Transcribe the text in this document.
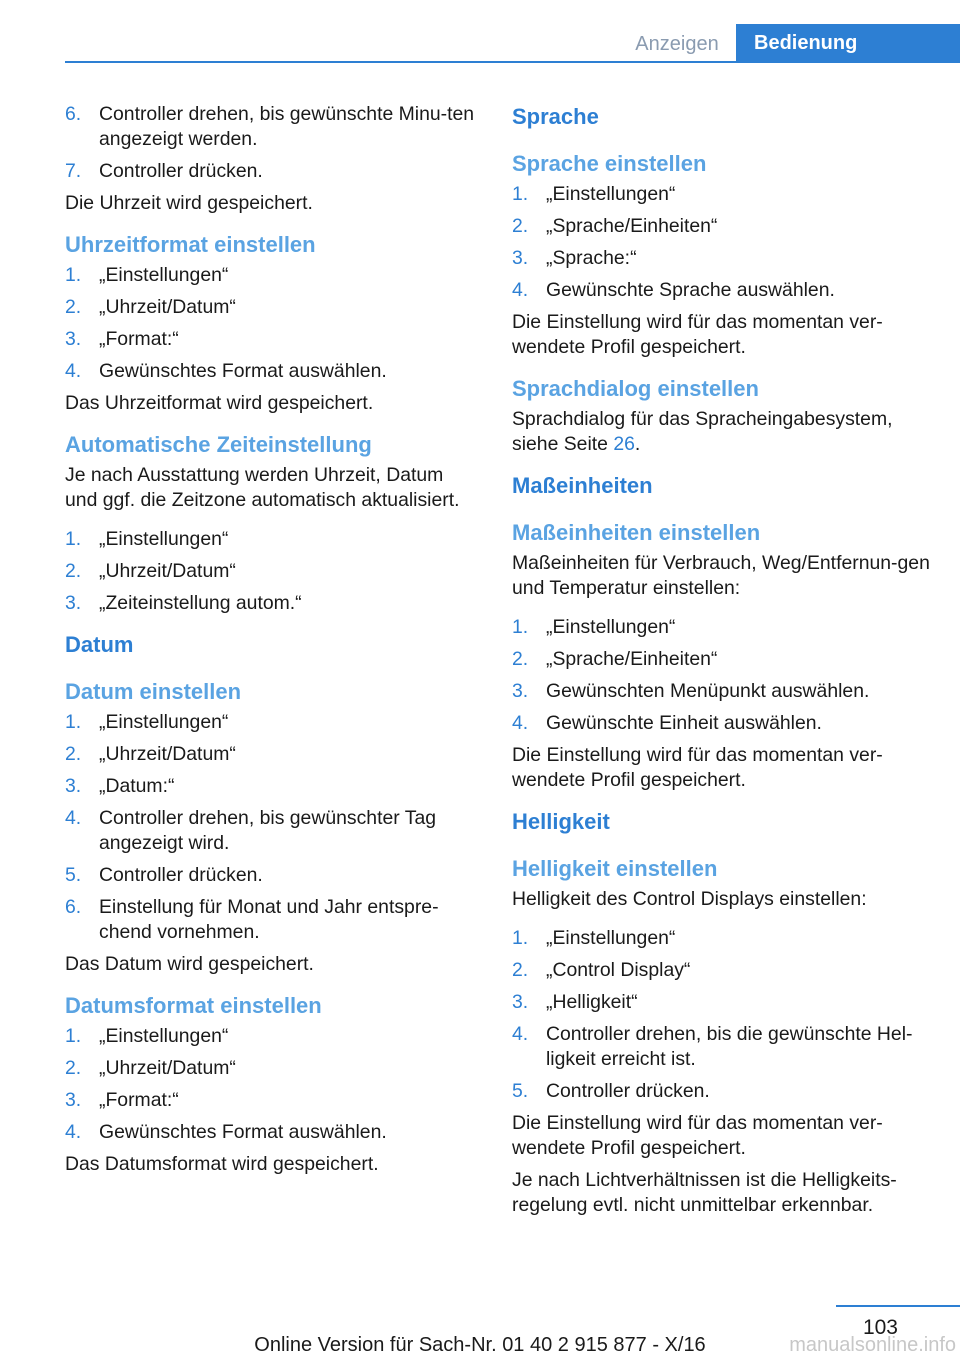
Anzeigen	Bedienung
6. Controller drehen, bis gewünschte Minu-ten angezeigt werden.
7. Controller drücken.

Die Uhrzeit wird gespeichert.

Uhrzeitformat einstellen
1. „Einstellungen“
2. „Uhrzeit/Datum“
3. „Format:“
4. Gewünschtes Format auswählen.

Das Uhrzeitformat wird gespeichert.

Automatische Zeiteinstellung

Je nach Ausstattung werden Uhrzeit, Datum und ggf. die Zeitzone automatisch aktualisiert.

1. „Einstellungen“
2. „Uhrzeit/Datum“
3. „Zeiteinstellung autom.“
Datum
Datum einstellen
1. „Einstellungen“
2. „Uhrzeit/Datum“
3. „Datum:“
4. Controller drehen, bis gewünschter Tag angezeigt wird.
5. Controller drücken.
6. Einstellung für Monat und Jahr entspre-chend vornehmen.

Das Datum wird gespeichert.

Datumsformat einstellen
1. „Einstellungen“
2. „Uhrzeit/Datum“
3. „Format:“
4. Gewünschtes Format auswählen.

Das Datumsformat wird gespeichert.

Sprache
Sprache einstellen
1. „Einstellungen“
2. „Sprache/Einheiten“
3. „Sprache:“
4. Gewünschte Sprache auswählen.

Die Einstellung wird für das momentan ver-wendete Profil gespeichert.

Sprachdialog einstellen

Sprachdialog für das Spracheingabesystem, siehe Seite 26.

Maßeinheiten
Maßeinheiten einstellen

Maßeinheiten für Verbrauch, Weg/Entfernun-gen und Temperatur einstellen:

1. „Einstellungen“
2. „Sprache/Einheiten“
3. Gewünschten Menüpunkt auswählen.
4. Gewünschte Einheit auswählen.

Die Einstellung wird für das momentan ver-wendete Profil gespeichert.

Helligkeit
Helligkeit einstellen

Helligkeit des Control Displays einstellen:

1. „Einstellungen“
2. „Control Display“
3. „Helligkeit“
4. Controller drehen, bis die gewünschte Hel-ligkeit erreicht ist.
5. Controller drücken.

Die Einstellung wird für das momentan ver-wendete Profil gespeichert.

Je nach Lichtverhältnissen ist die Helligkeits-regelung evtl. nicht unmittelbar erkennbar.

103
Online Version für Sach-Nr. 01 40 2 915 877 - X/16	manualsonline.info
